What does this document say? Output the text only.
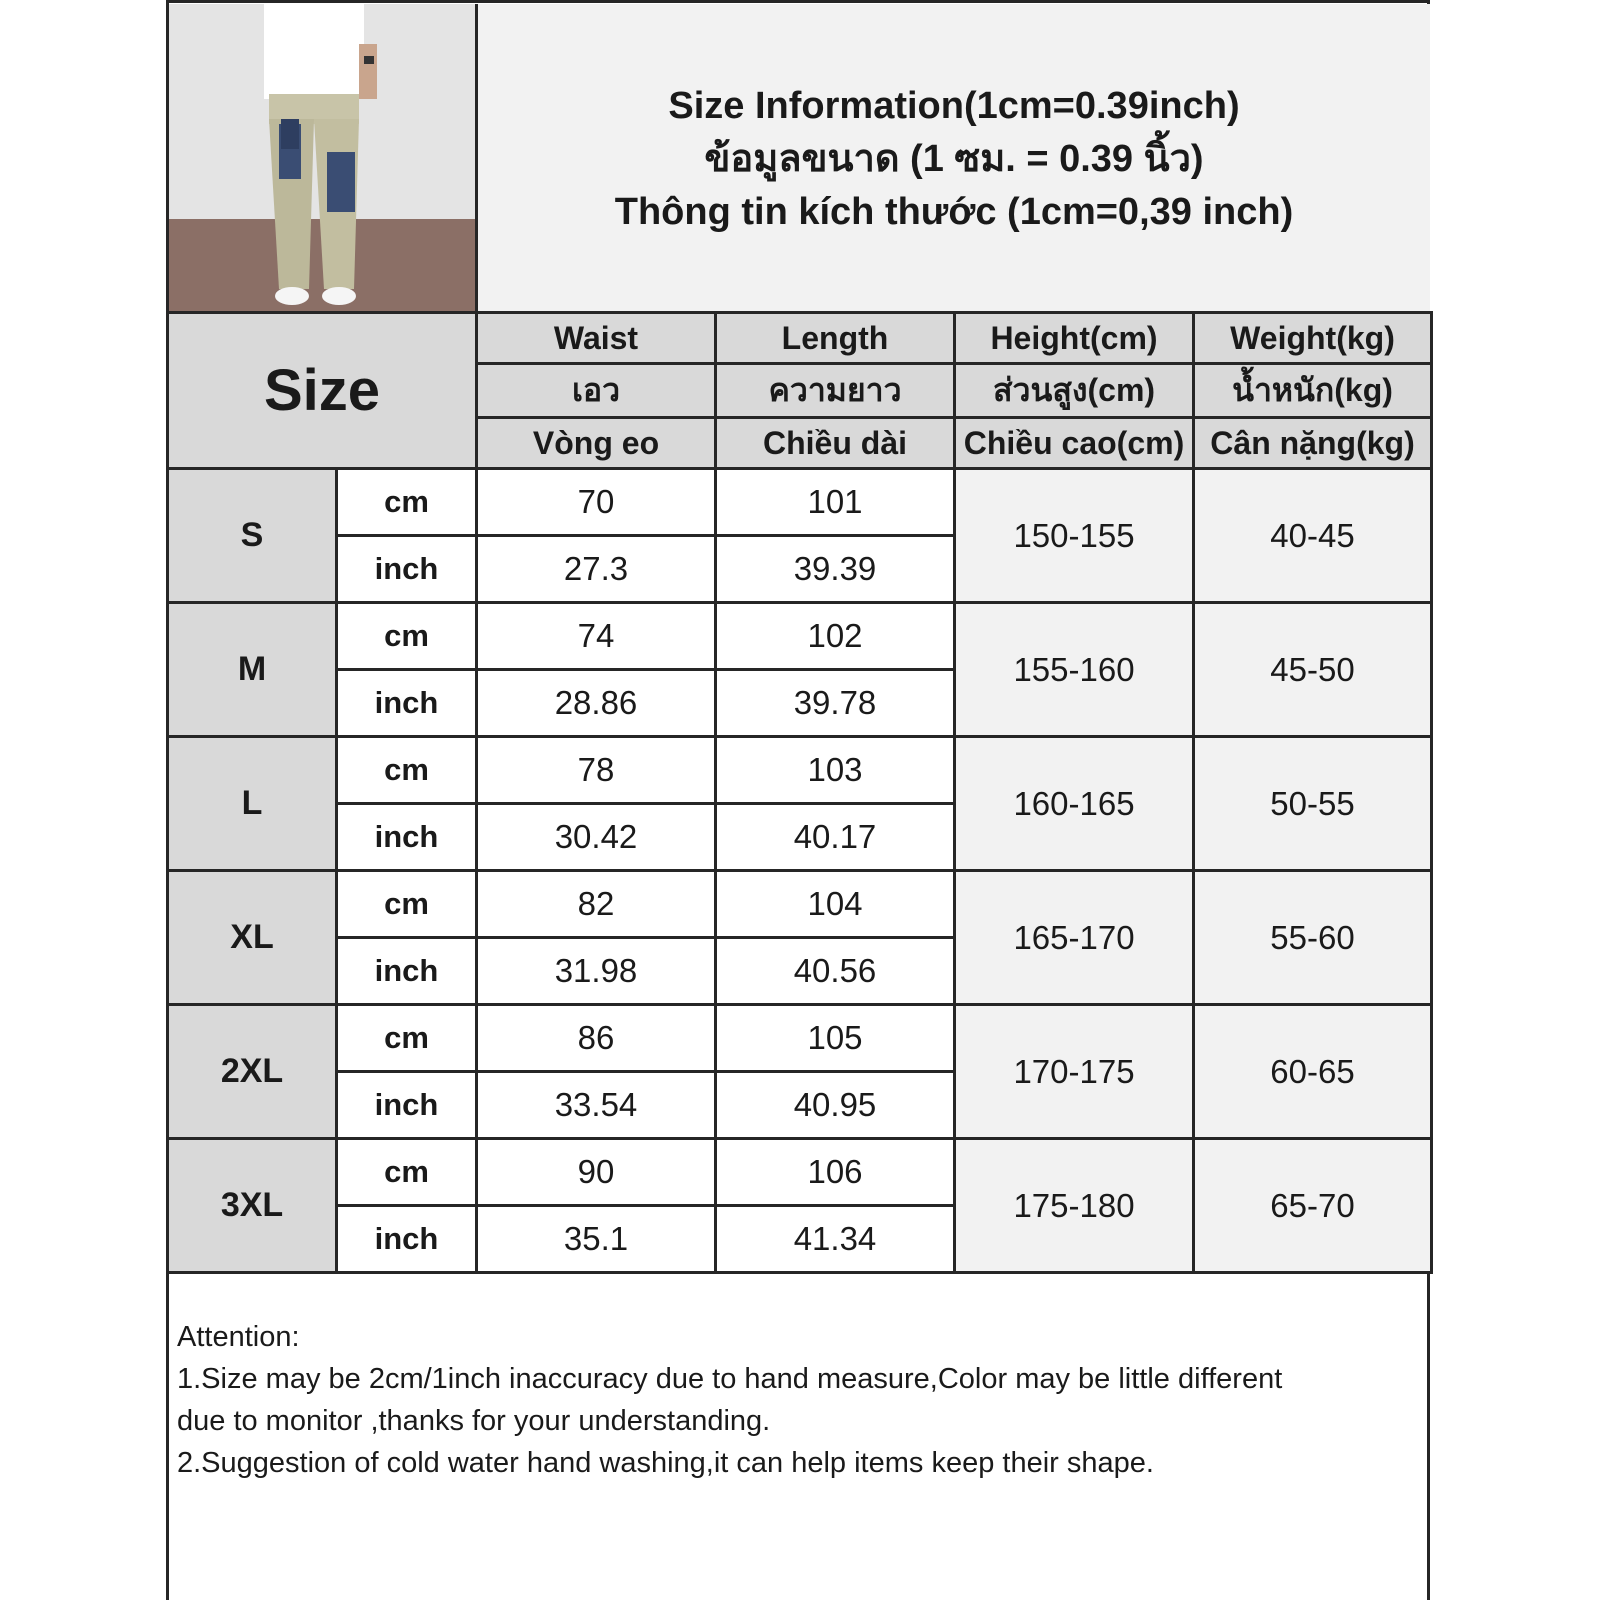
Size Information(1cm=0.39inch)
ข้อมูลขนาด (1 ซม. = 0.39 นิ้ว)
Thông tin kích thước (1cm=0,39 inch)
Size		Waist	Length	Height(cm)	Weight(kg)
		เอว	ความยาว	ส่วนสูง(cm)	น้ำหนัก(kg)
		Vòng eo	Chiều dài	Chiều cao(cm)	Cân nặng(kg)
S	cm	70	101	150-155	40-45
	inch	27.3	39.39		
M	cm	74	102	155-160	45-50
	inch	28.86	39.78		
L	cm	78	103	160-165	50-55
	inch	30.42	40.17		
XL	cm	82	104	165-170	55-60
	inch	31.98	40.56		
2XL	cm	86	105	170-175	60-65
	inch	33.54	40.95		
3XL	cm	90	106	175-180	65-70
	inch	35.1	41.34		
Attention:
1.Size may be 2cm/1inch inaccuracy due to hand measure,Color may be little different
due to monitor ,thanks for your understanding.
2.Suggestion of cold water hand washing,it can help items keep their shape.
